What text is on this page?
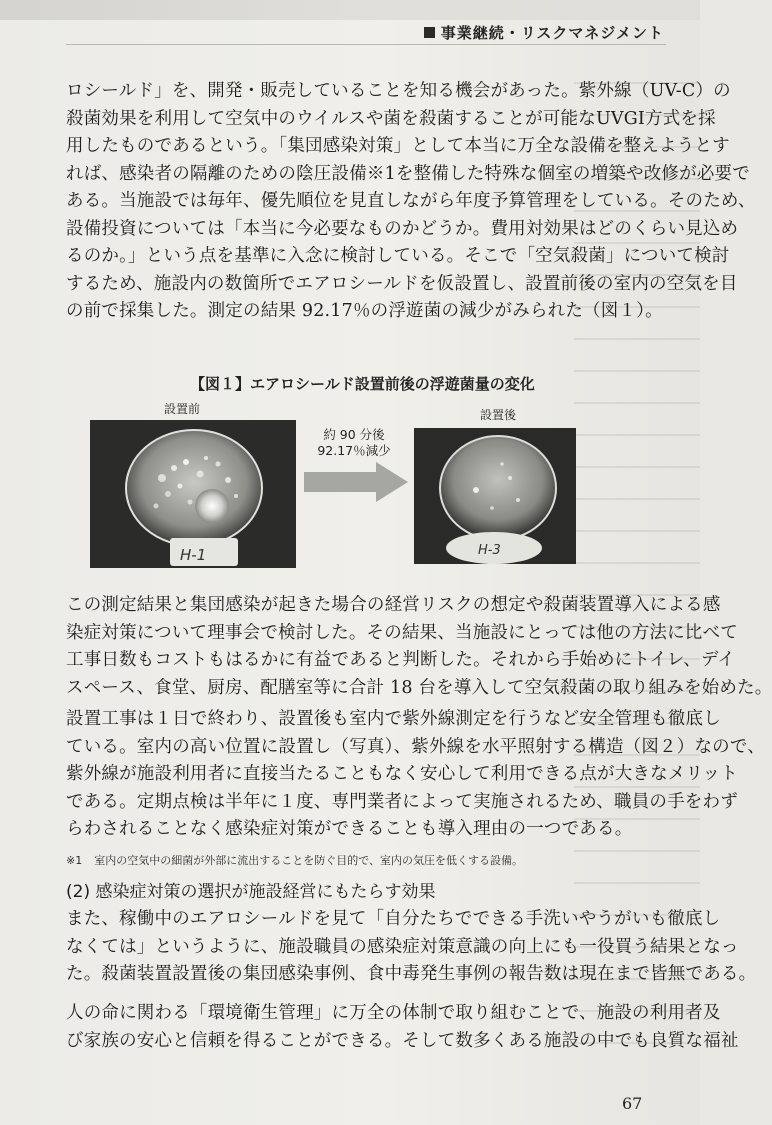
事業継続・リスクマネジメント

ロシールド」を、開発・販売していることを知る機会があった。紫外線（UV-C）の
殺菌効果を利用して空気中のウイルスや菌を殺菌することが可能なUVGI方式を採
用したものであるという。「集団感染対策」として本当に万全な設備を整えようとす
れば、感染者の隔離のための陰圧設備※1を整備した特殊な個室の増築や改修が必要で
ある。当施設では毎年、優先順位を見直しながら年度予算管理をしている。そのため、
設備投資については「本当に今必要なものかどうか。費用対効果はどのくらい見込め
るのか。」という点を基準に入念に検討している。そこで「空気殺菌」について検討
するため、施設内の数箇所でエアロシールドを仮設置し、設置前後の室内の空気を目
の前で採集した。測定の結果 92.17％の浮遊菌の減少がみられた（図１）。

【図１】エアロシールド設置前後の浮遊菌量の変化
設置前	設置後
H-1
約 90 分後
92.17％減少
H-3

この測定結果と集団感染が起きた場合の経営リスクの想定や殺菌装置導入による感
染症対策について理事会で検討した。その結果、当施設にとっては他の方法に比べて
工事日数もコストもはるかに有益であると判断した。それから手始めにトイレ、デイ
スペース、食堂、厨房、配膳室等に合計 18 台を導入して空気殺菌の取り組みを始めた。

設置工事は１日で終わり、設置後も室内で紫外線測定を行うなど安全管理も徹底し
ている。室内の高い位置に設置し（写真）、紫外線を水平照射する構造（図２）なので、
紫外線が施設利用者に直接当たることもなく安心して利用できる点が大きなメリット
である。定期点検は半年に１度、専門業者によって実施されるため、職員の手をわず
らわされることなく感染症対策ができることも導入理由の一つである。

※1 室内の空気中の細菌が外部に流出することを防ぐ目的で、室内の気圧を低くする設備。
(2) 感染症対策の選択が施設経営にもたらす効果

また、稼働中のエアロシールドを見て「自分たちでできる手洗いやうがいも徹底し
なくては」というように、施設職員の感染症対策意識の向上にも一役買う結果となっ
た。殺菌装置設置後の集団感染事例、食中毒発生事例の報告数は現在まで皆無である。

人の命に関わる「環境衛生管理」に万全の体制で取り組むことで、施設の利用者及
び家族の安心と信頼を得ることができる。そして数多くある施設の中でも良質な福祉

67
